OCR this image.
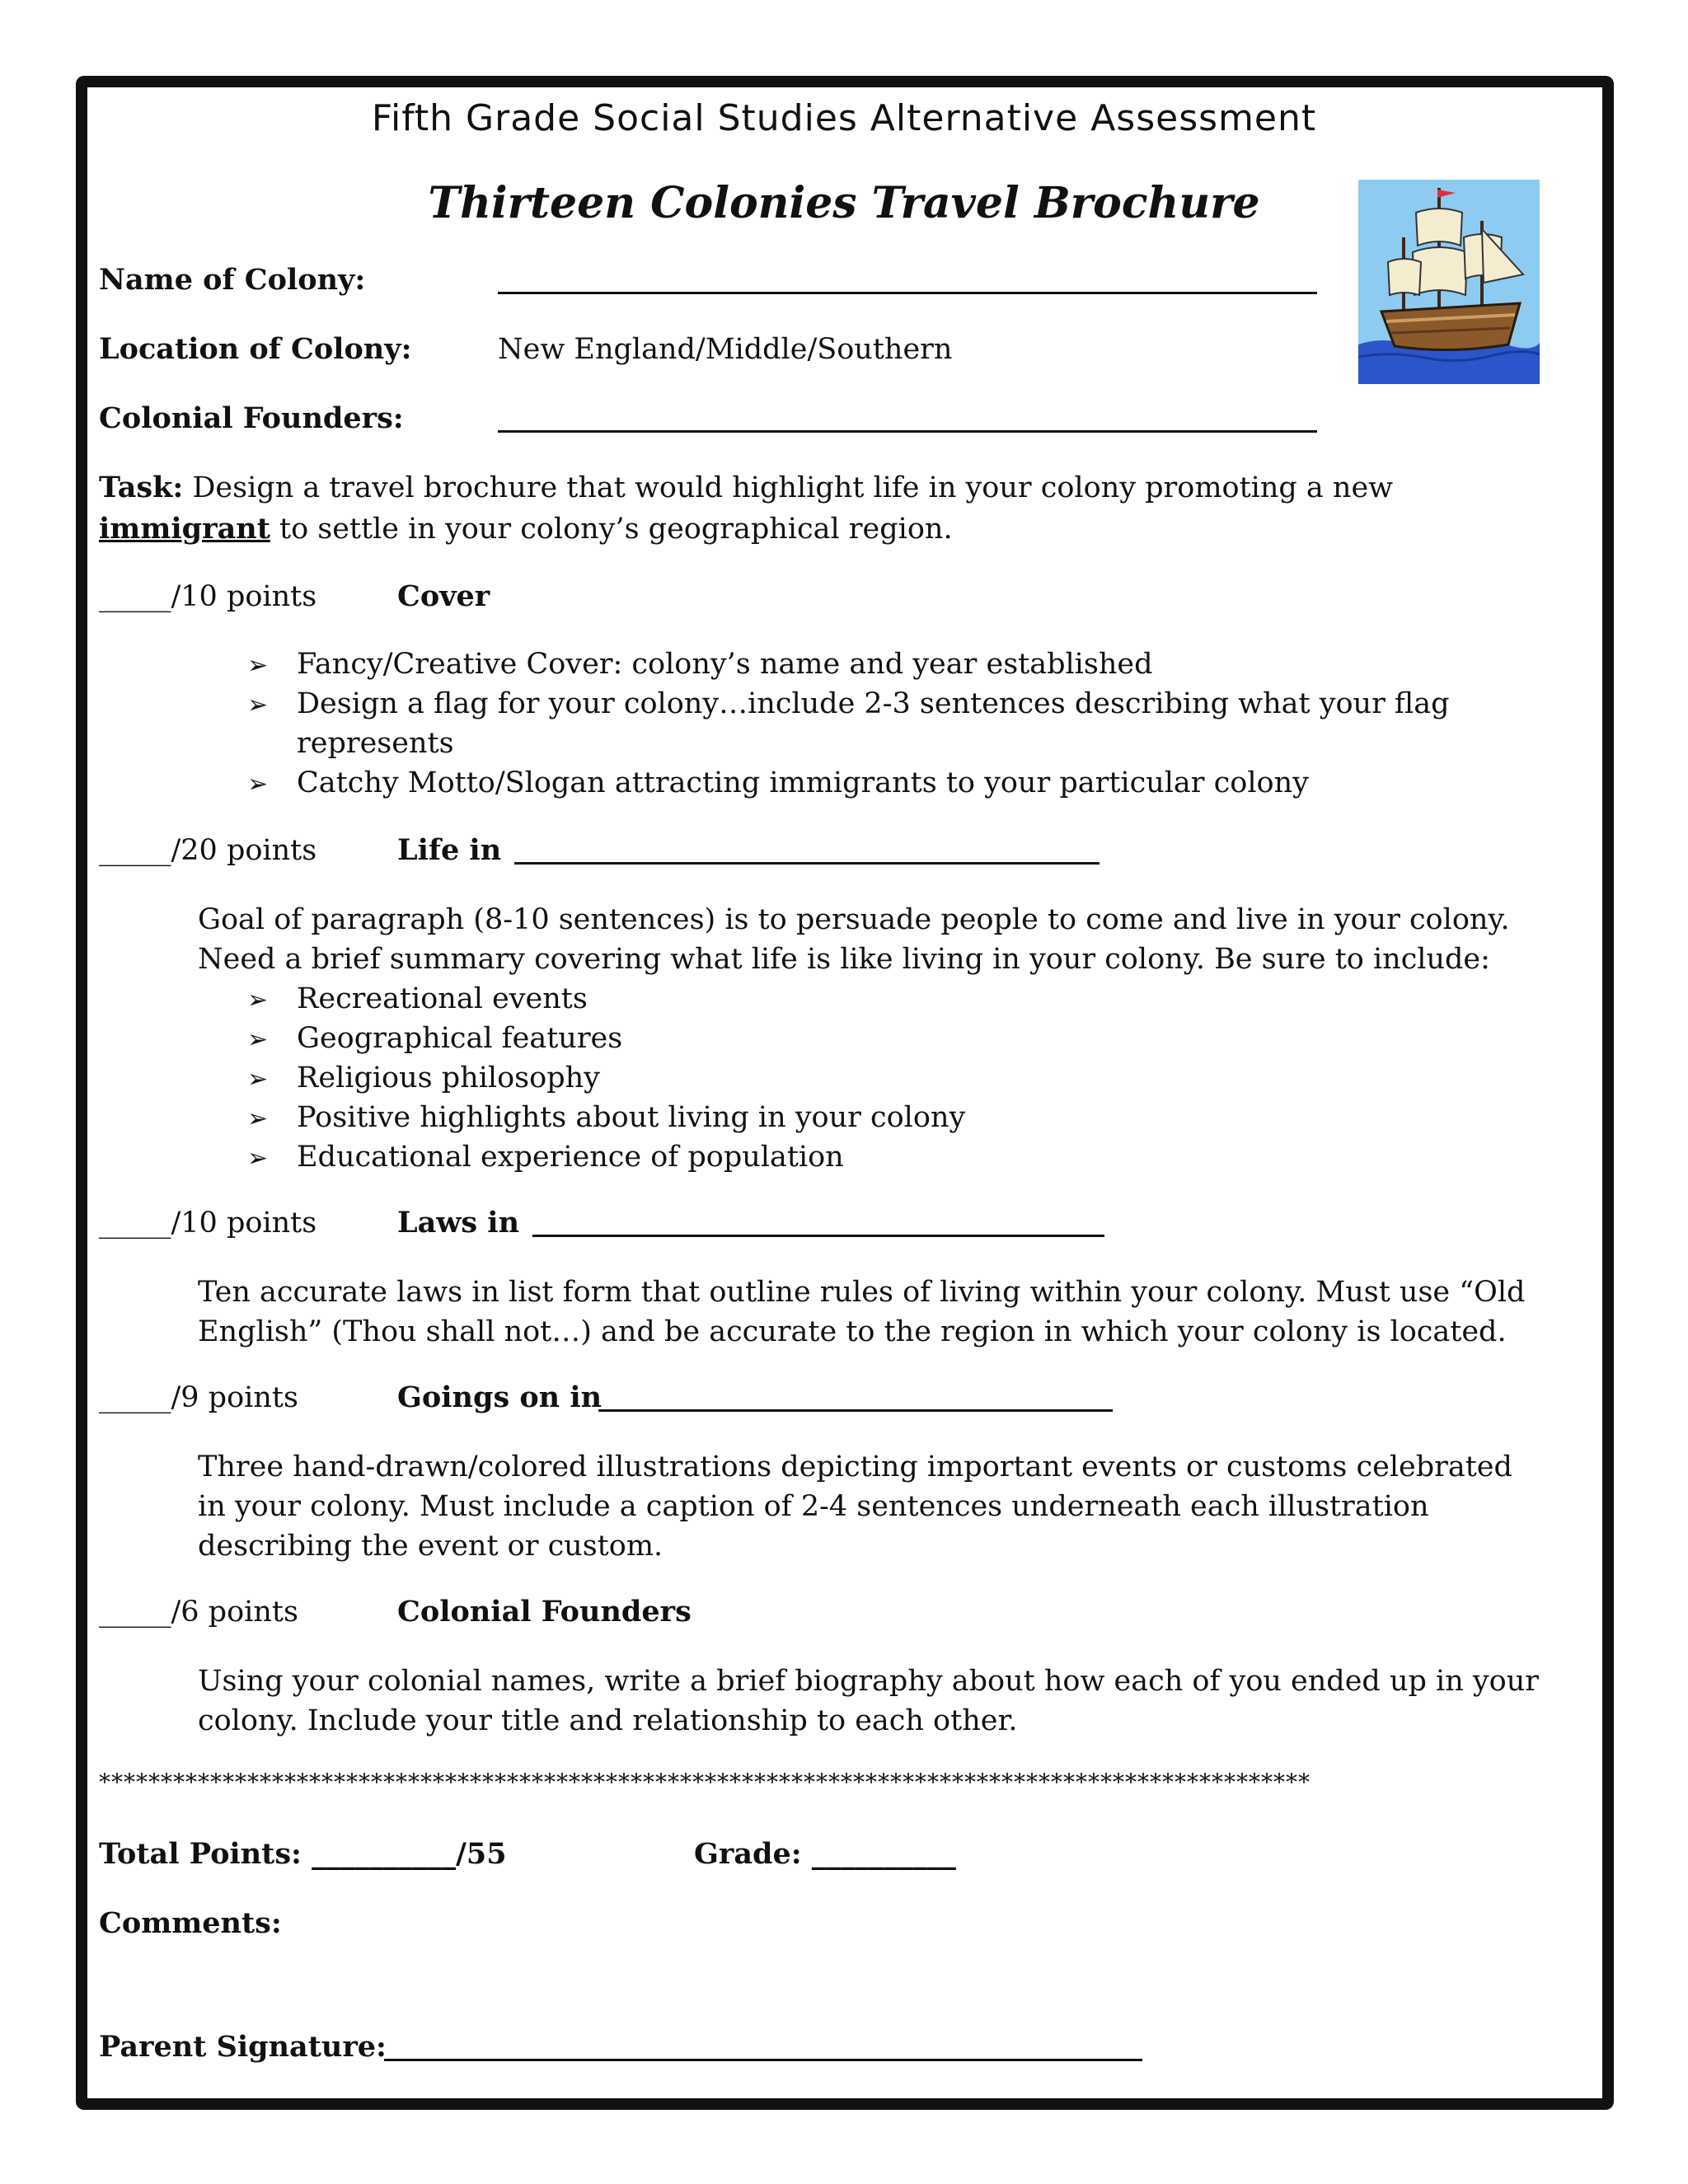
Fifth Grade Social Studies Alternative Assessment
Thirteen Colonies Travel Brochure
Name of Colony:
Location of Colony:	New England/Middle/Southern
Colonial Founders:
Task: Design a travel brochure that would highlight life in your colony promoting a new
immigrant to settle in your colony’s geographical region.
_____/10 points	Cover
➢ Fancy/Creative Cover: colony’s name and year established
➢ Design a flag for your colony…include 2-3 sentences describing what your flag
represents
➢ Catchy Motto/Slogan attracting immigrants to your particular colony
_____/20 points	Life in
Goal of paragraph (8-10 sentences) is to persuade people to come and live in your colony.
Need a brief summary covering what life is like living in your colony. Be sure to include:
➢ Recreational events
➢ Geographical features
➢ Religious philosophy
➢ Positive highlights about living in your colony
➢ Educational experience of population
_____/10 points	Laws in
Ten accurate laws in list form that outline rules of living within your colony. Must use “Old
English” (Thou shall not…) and be accurate to the region in which your colony is located.
_____/9 points	Goings on in
Three hand-drawn/colored illustrations depicting important events or customs celebrated
in your colony. Must include a caption of 2-4 sentences underneath each illustration
describing the event or custom.
_____/6 points	Colonial Founders
Using your colonial names, write a brief biography about how each of you ended up in your
colony. Include your title and relationship to each other.
**************************************************************************************************
Total Points: __________/55	Grade: __________
Comments:
Parent Signature:
